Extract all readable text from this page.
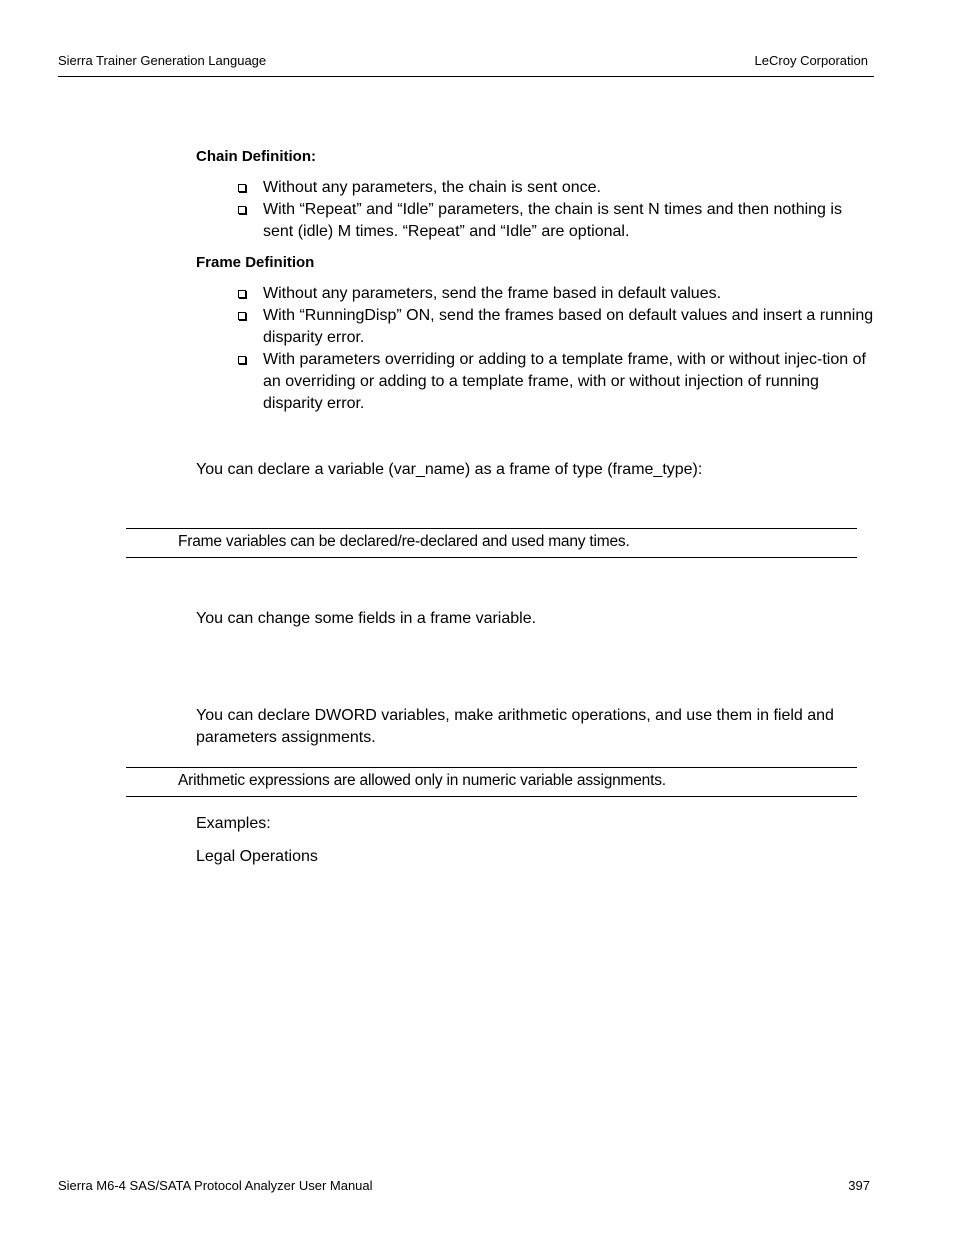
Sierra Trainer Generation Language	LeCroy Corporation
Chain Definition:
Without any parameters, the chain is sent once.
With “Repeat” and “Idle” parameters, the chain is sent N times and then nothing is sent (idle) M times. “Repeat” and “Idle” are optional.
Frame Definition
Without any parameters, send the frame based in default values.
With “RunningDisp” ON, send the frames based on default values and insert a running disparity error.
With parameters overriding or adding to a template frame, with or without injec-tion of an overriding or adding to a template frame, with or without injection of running disparity error.
You can declare a variable (var_name) as a frame of type (frame_type):
Frame variables can be declared/re-declared and used many times.
You can change some fields in a frame variable.
You can declare DWORD variables, make arithmetic operations, and use them in field and parameters assignments.
Arithmetic expressions are allowed only in numeric variable assignments.
Examples:
Legal Operations
Sierra M6-4 SAS/SATA Protocol Analyzer User Manual	397
